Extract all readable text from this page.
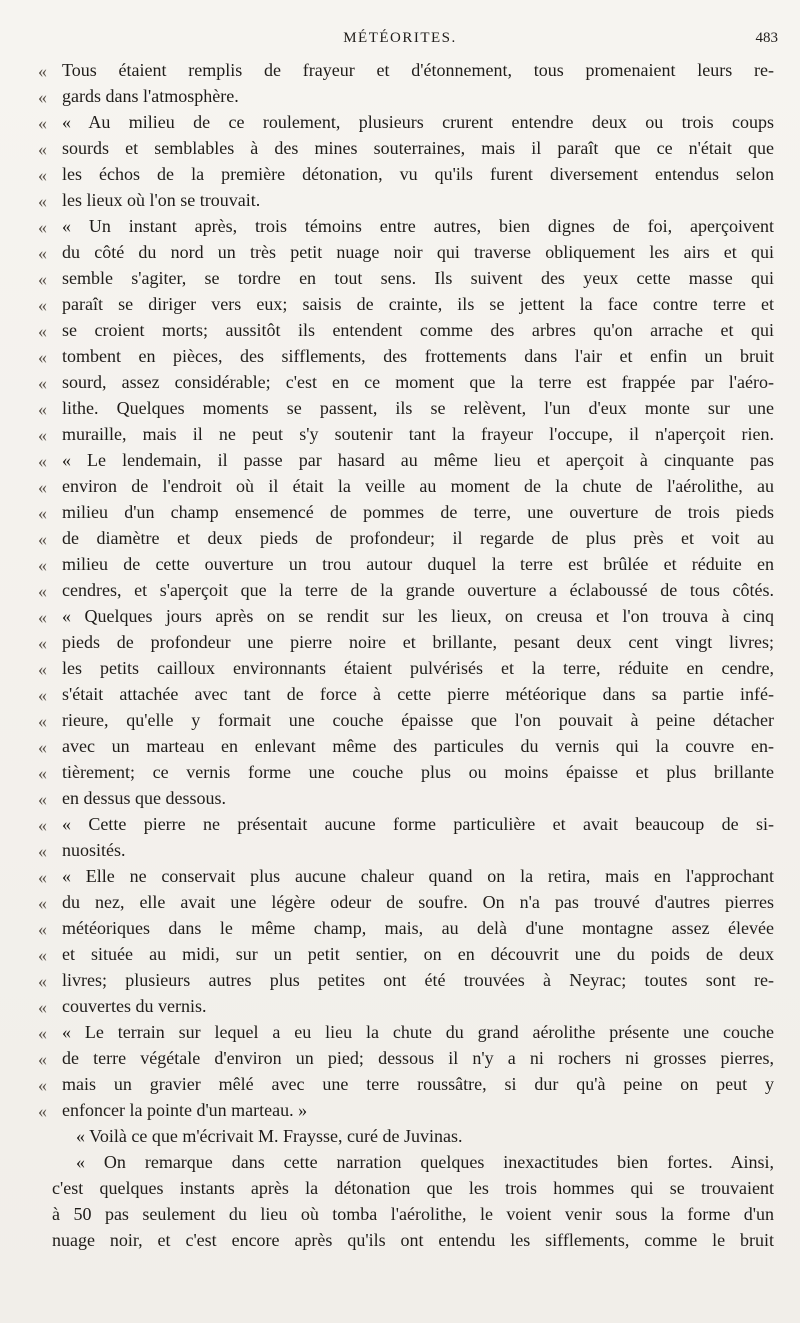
MÉTÉORITES.	483
« Tous étaient remplis de frayeur et d'étonnement, tous promenaient leurs re-
« gards dans l'atmosphère.
« « Au milieu de ce roulement, plusieurs crurent entendre deux ou trois coups
« sourds et semblables à des mines souterraines, mais il paraît que ce n'était que
« les échos de la première détonation, vu qu'ils furent diversement entendus selon
« les lieux où l'on se trouvait.
« « Un instant après, trois témoins entre autres, bien dignes de foi, aperçoivent
« du côté du nord un très petit nuage noir qui traverse obliquement les airs et qui
« semble s'agiter, se tordre en tout sens. Ils suivent des yeux cette masse qui
« paraît se diriger vers eux; saisis de crainte, ils se jettent la face contre terre et
« se croient morts; aussitôt ils entendent comme des arbres qu'on arrache et qui
« tombent en pièces, des sifflements, des frottements dans l'air et enfin un bruit
« sourd, assez considérable; c'est en ce moment que la terre est frappée par l'aéro-
« lithe. Quelques moments se passent, ils se relèvent, l'un d'eux monte sur une
« muraille, mais il ne peut s'y soutenir tant la frayeur l'occupe, il n'aperçoit rien.
« « Le lendemain, il passe par hasard au même lieu et aperçoit à cinquante pas
« environ de l'endroit où il était la veille au moment de la chute de l'aérolithe, au
« milieu d'un champ ensemencé de pommes de terre, une ouverture de trois pieds
« de diamètre et deux pieds de profondeur; il regarde de plus près et voit au
« milieu de cette ouverture un trou autour duquel la terre est brûlée et réduite en
« cendres, et s'aperçoit que la terre de la grande ouverture a éclaboussé de tous côtés.
« « Quelques jours après on se rendit sur les lieux, on creusa et l'on trouva à cinq
« pieds de profondeur une pierre noire et brillante, pesant deux cent vingt livres;
« les petits cailloux environnants étaient pulvérisés et la terre, réduite en cendre,
« s'était attachée avec tant de force à cette pierre météorique dans sa partie infé-
« rieure, qu'elle y formait une couche épaisse que l'on pouvait à peine détacher
« avec un marteau en enlevant même des particules du vernis qui la couvre en-
« tièrement; ce vernis forme une couche plus ou moins épaisse et plus brillante
« en dessus que dessous.
« « Cette pierre ne présentait aucune forme particulière et avait beaucoup de si-
« nuosités.
« « Elle ne conservait plus aucune chaleur quand on la retira, mais en l'approchant
« du nez, elle avait une légère odeur de soufre. On n'a pas trouvé d'autres pierres
« météoriques dans le même champ, mais, au delà d'une montagne assez élevée
« et située au midi, sur un petit sentier, on en découvrit une du poids de deux
« livres; plusieurs autres plus petites ont été trouvées à Neyrac; toutes sont re-
« couvertes du vernis.
« « Le terrain sur lequel a eu lieu la chute du grand aérolithe présente une couche
« de terre végétale d'environ un pied; dessous il n'y a ni rochers ni grosses pierres,
« mais un gravier mêlé avec une terre roussâtre, si dur qu'à peine on peut y
« enfoncer la pointe d'un marteau. »
« Voilà ce que m'écrivait M. Fraysse, curé de Juvinas.
« On remarque dans cette narration quelques inexactitudes bien fortes. Ainsi,
c'est quelques instants après la détonation que les trois hommes qui se trouvaient
à 50 pas seulement du lieu où tomba l'aérolithe, le voient venir sous la forme d'un
nuage noir, et c'est encore après qu'ils ont entendu les sifflements, comme le bruit
